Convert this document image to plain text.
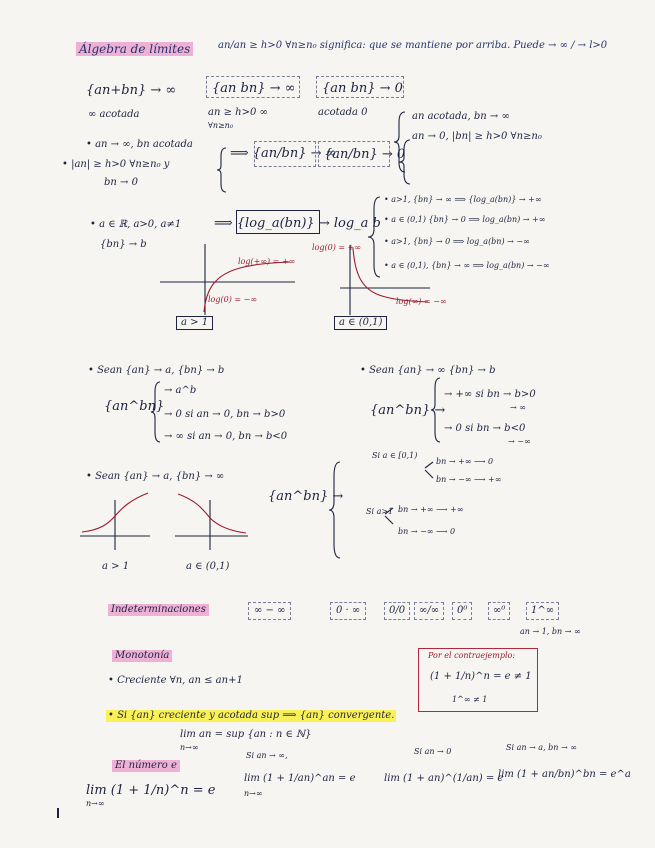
Álgebra de límites	an/an ≥ h>0 ∀n≥n₀ significa: que se mantiene por arriba. Puede → ∞ / → l>0
{an+bn} → ∞
∞ acotada
{an bn} → ∞
an ≥ h>0 ∞
∀n≥n₀
{an bn} → 0
acotada 0	an acotada, bn → ∞
an → 0, |bn| ≥ h>0 ∀n≥n₀
• an → ∞, bn acotada
• |an| ≥ h>0 ∀n≥n₀ y
bn → 0
⟹ {an/bn} → ∞
{an/bn} → 0
• a ∈ ℝ, a>0, a≠1
{bn} → b
⟹ {log_a(bn)} → log_a b
• a>1, {bn} → ∞ ⟹ {log_a(bn)} → +∞
• a ∈ (0,1) {bn} → 0 ⟹ log_a(bn) → +∞
• a>1, {bn} → 0 ⟹ log_a(bn) → −∞
• a ∈ (0,1), {bn} → ∞ ⟹ log_a(bn) → −∞
log(+∞) = +∞
log(0) = −∞
a > 1
log(0) = +∞
log(∞) = −∞
a ∈ (0,1)
• Sean {an} → a, {bn} → b
{an^bn}
→ a^b
→ 0 si an → 0, bn → b>0
→ ∞ si an → 0, bn → b<0
• Sean {an} → ∞ {bn} → b
{an^bn} →
→ +∞ si bn → b>0
→ ∞
→ 0 si bn → b<0
→ −∞
• Sean {an} → a, {bn} → ∞
{an^bn} →
Si a ∈ [0,1)
bn → +∞ ⟶ 0
bn → −∞ ⟶ +∞
Si a>1 bn → +∞ ⟶ +∞
bn → −∞ ⟶ 0
a > 1	a ∈ (0,1)
Indeterminaciones	∞ − ∞	0 · ∞	0/0	∞/∞	0⁰	∞⁰	1^∞
an → 1, bn → ∞
Monotonía
• Creciente ∀n, an ≤ an+1
Por el contraejemplo:
(1 + 1/n)^n = e ≠ 1
1^∞ ≠ 1
• Si {an} creciente y acotada sup ⟹ {an} convergente.
lim an = sup {an : n ∈ ℕ}
n→∞
El número e
lim (1 + 1/n)^n = e
n→∞
Si an → ∞,
lim (1 + 1/an)^an = e
n→∞
Si an → 0
lim (1 + an)^(1/an) = e
Si an → a, bn → ∞
lim (1 + an/bn)^bn = e^a
